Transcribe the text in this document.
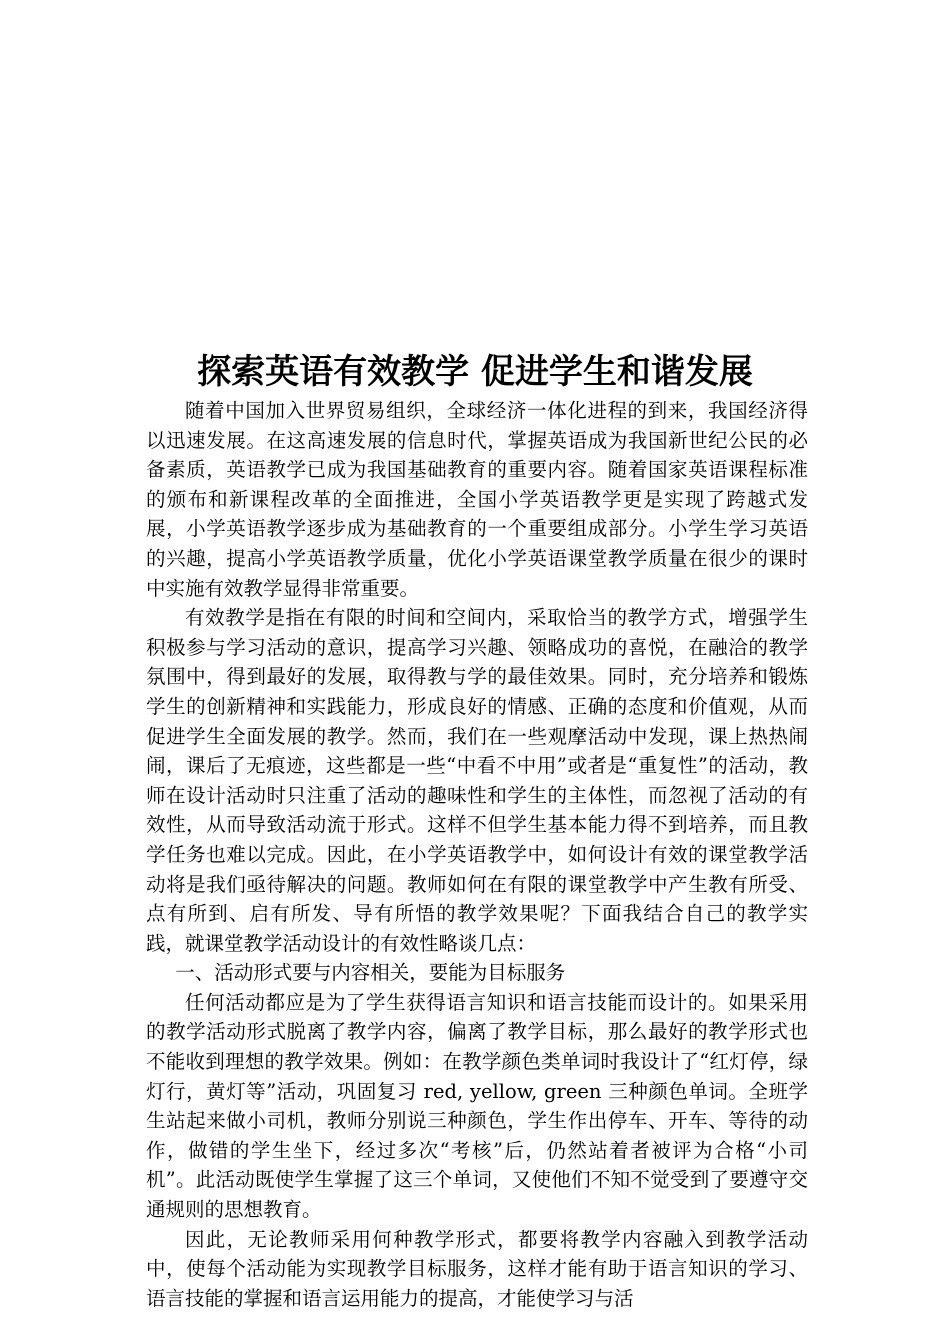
探索英语有效教学 促进学生和谐发展

随着中国加入世界贸易组织，全球经济一体化进程的到来，我国经济得以迅速发展。在这高速发展的信息时代，掌握英语成为我国新世纪公民的必备素质，英语教学已成为我国基础教育的重要内容。随着国家英语课程标准的颁布和新课程改革的全面推进，全国小学英语教学更是实现了跨越式发展，小学英语教学逐步成为基础教育的一个重要组成部分。小学生学习英语的兴趣，提高小学英语教学质量，优化小学英语课堂教学质量在很少的课时中实施有效教学显得非常重要。

有效教学是指在有限的时间和空间内，采取恰当的教学方式，增强学生积极参与学习活动的意识，提高学习兴趣、领略成功的喜悦，在融洽的教学氛围中，得到最好的发展，取得教与学的最佳效果。同时，充分培养和锻炼学生的创新精神和实践能力，形成良好的情感、正确的态度和价值观，从而促进学生全面发展的教学。然而，我们在一些观摩活动中发现，课上热热闹闹，课后了无痕迹，这些都是一些“中看不中用”或者是“重复性”的活动，教师在设计活动时只注重了活动的趣味性和学生的主体性，而忽视了活动的有效性，从而导致活动流于形式。这样不但学生基本能力得不到培养，而且教学任务也难以完成。因此，在小学英语教学中，如何设计有效的课堂教学活动将是我们亟待解决的问题。教师如何在有限的课堂教学中产生教有所受、点有所到、启有所发、导有所悟的教学效果呢？下面我结合自己的教学实践，就课堂教学活动设计的有效性略谈几点：

一、活动形式要与内容相关，要能为目标服务

任何活动都应是为了学生获得语言知识和语言技能而设计的。如果采用的教学活动形式脱离了教学内容，偏离了教学目标，那么最好的教学形式也不能收到理想的教学效果。例如：在教学颜色类单词时我设计了“红灯停，绿灯行，黄灯等”活动，巩固复习 red, yellow, green 三种颜色单词。全班学生站起来做小司机，教师分别说三种颜色，学生作出停车、开车、等待的动作，做错的学生坐下，经过多次“考核”后，仍然站着者被评为合格“小司机”。此活动既使学生掌握了这三个单词，又使他们不知不觉受到了要遵守交通规则的思想教育。

因此，无论教师采用何种教学形式，都要将教学内容融入到教学活动中，使每个活动能为实现教学目标服务，这样才能有助于语言知识的学习、语言技能的掌握和语言运用能力的提高，才能使学习与活
